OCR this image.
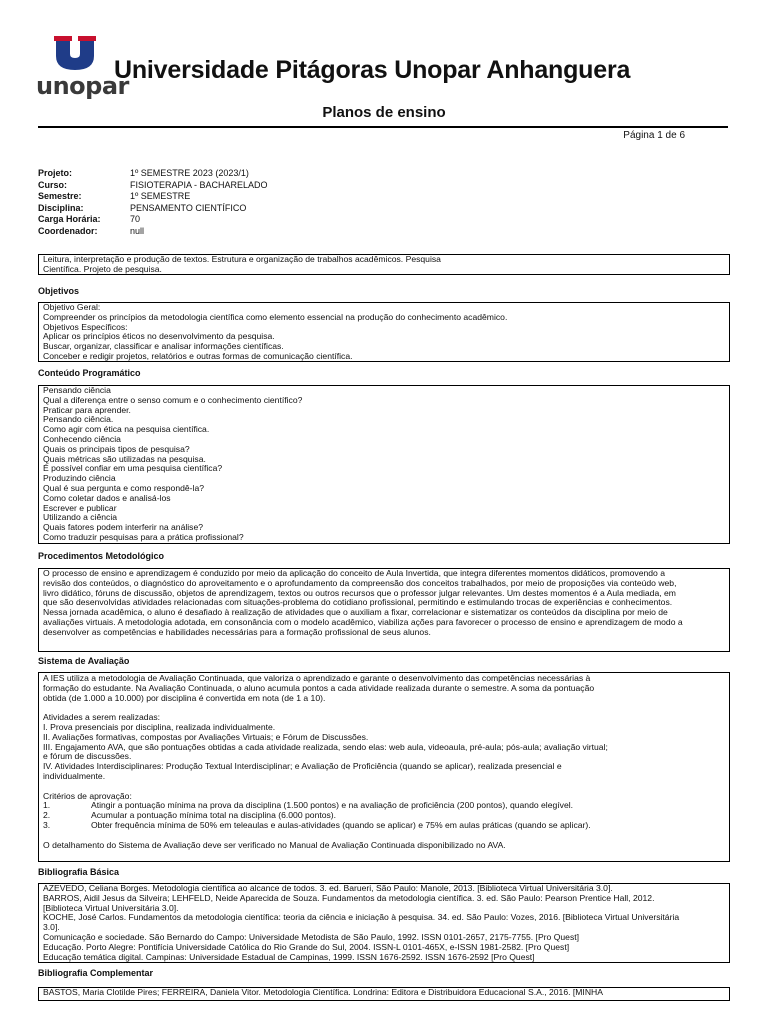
unopar
Universidade Pitágoras Unopar Anhanguera
Planos de ensino
Página 1 de 6
Projeto:	1º SEMESTRE 2023 (2023/1)
Curso:	FISIOTERAPIA - BACHARELADO
Semestre:	1º SEMESTRE
Disciplina:	PENSAMENTO CIENTÍFICO
Carga Horária:	70
Coordenador:	null
Leitura, interpretação e produção de textos. Estrutura e organização de trabalhos acadêmicos. Pesquisa
Científica. Projeto de pesquisa.
Objetivos
Objetivo Geral:
Compreender os princípios da metodologia científica como elemento essencial na produção do conhecimento acadêmico.
Objetivos Específicos:
Aplicar os princípios éticos no desenvolvimento da pesquisa.
Buscar, organizar, classificar e analisar informações científicas.
Conceber e redigir projetos, relatórios e outras formas de comunicação científica.
Conteúdo Programático
Pensando ciência
Qual a diferença entre o senso comum e o conhecimento científico?
Praticar para aprender.
Pensando ciência.
Como agir com ética na pesquisa científica.
Conhecendo ciência
Quais os principais tipos de pesquisa?
Quais métricas são utilizadas na pesquisa.
É possível confiar em uma pesquisa científica?
Produzindo ciência
Qual é sua pergunta e como respondê-la?
Como coletar dados e analisá-los
Escrever e publicar
Utilizando a ciência
Quais fatores podem interferir na análise?
Como traduzir pesquisas para a prática profissional?
Procedimentos Metodológico
O processo de ensino e aprendizagem é conduzido por meio da aplicação do conceito de Aula Invertida, que integra diferentes momentos didáticos, promovendo a
revisão dos conteúdos, o diagnóstico do aproveitamento e o aprofundamento da compreensão dos conceitos trabalhados, por meio de proposições via conteúdo web,
livro didático, fóruns de discussão, objetos de aprendizagem, textos ou outros recursos que o professor julgar relevantes. Um destes momentos é a Aula mediada, em
que são desenvolvidas atividades relacionadas com situações-problema do cotidiano profissional, permitindo e estimulando trocas de experiências e conhecimentos.
Nessa jornada acadêmica, o aluno é desafiado à realização de atividades que o auxiliam a fixar, correlacionar e sistematizar os conteúdos da disciplina por meio de
avaliações virtuais. A metodologia adotada, em consonância com o modelo acadêmico, viabiliza ações para favorecer o processo de ensino e aprendizagem de modo a
desenvolver as competências e habilidades necessárias para a formação profissional de seus alunos.
Sistema de Avaliação
A IES utiliza a metodologia de Avaliação Continuada, que valoriza o aprendizado e garante o desenvolvimento das competências necessárias à
formação do estudante. Na Avaliação Continuada, o aluno acumula pontos a cada atividade realizada durante o semestre. A soma da pontuação
obtida (de 1.000 a 10.000) por disciplina é convertida em nota (de 1 a 10).
Atividades a serem realizadas:
I. Prova presenciais por disciplina, realizada individualmente.
II. Avaliações formativas, compostas por Avaliações Virtuais; e Fórum de Discussões.
III. Engajamento AVA, que são pontuações obtidas a cada atividade realizada, sendo elas: web aula, videoaula, pré-aula; pós-aula; avaliação virtual;
e fórum de discussões.
IV. Atividades Interdisciplinares: Produção Textual Interdisciplinar; e Avaliação de Proficiência (quando se aplicar), realizada presencial e
individualmente.
Critérios de aprovação:
1.	Atingir a pontuação mínima na prova da disciplina (1.500 pontos) e na avaliação de proficiência (200 pontos), quando elegível.
2.	Acumular a pontuação mínima total na disciplina (6.000 pontos).
3.	Obter frequência mínima de 50% em teleaulas e aulas-atividades (quando se aplicar) e 75% em aulas práticas (quando se aplicar).
O detalhamento do Sistema de Avaliação deve ser verificado no Manual de Avaliação Continuada disponibilizado no AVA.
Bibliografia Básica
AZEVEDO, Celiana Borges. Metodologia científica ao alcance de todos. 3. ed. Barueri, São Paulo: Manole, 2013. [Biblioteca Virtual Universitária 3.0].
BARROS, Aidil Jesus da Silveira; LEHFELD, Neide Aparecida de Souza. Fundamentos da metodologia científica. 3. ed. São Paulo: Pearson Prentice Hall, 2012.
[Biblioteca Virtual Universitária 3.0].
KOCHE, José Carlos. Fundamentos da metodologia científica: teoria da ciência e iniciação à pesquisa. 34. ed. São Paulo: Vozes, 2016. [Biblioteca Virtual Universitária
3.0].
Comunicação e sociedade. São Bernardo do Campo: Universidade Metodista de São Paulo, 1992. ISSN 0101-2657, 2175-7755. [Pro Quest]
Educação. Porto Alegre: Pontifícia Universidade Católica do Rio Grande do Sul, 2004. ISSN-L 0101-465X, e-ISSN 1981-2582. [Pro Quest]
Educação temática digital. Campinas: Universidade Estadual de Campinas, 1999. ISSN 1676-2592. ISSN 1676-2592 [Pro Quest]
Bibliografia Complementar
BASTOS, Maria Clotilde Pires; FERREIRA, Daniela Vitor. Metodologia Científica. Londrina: Editora e Distribuidora Educacional S.A., 2016. [MINHA
